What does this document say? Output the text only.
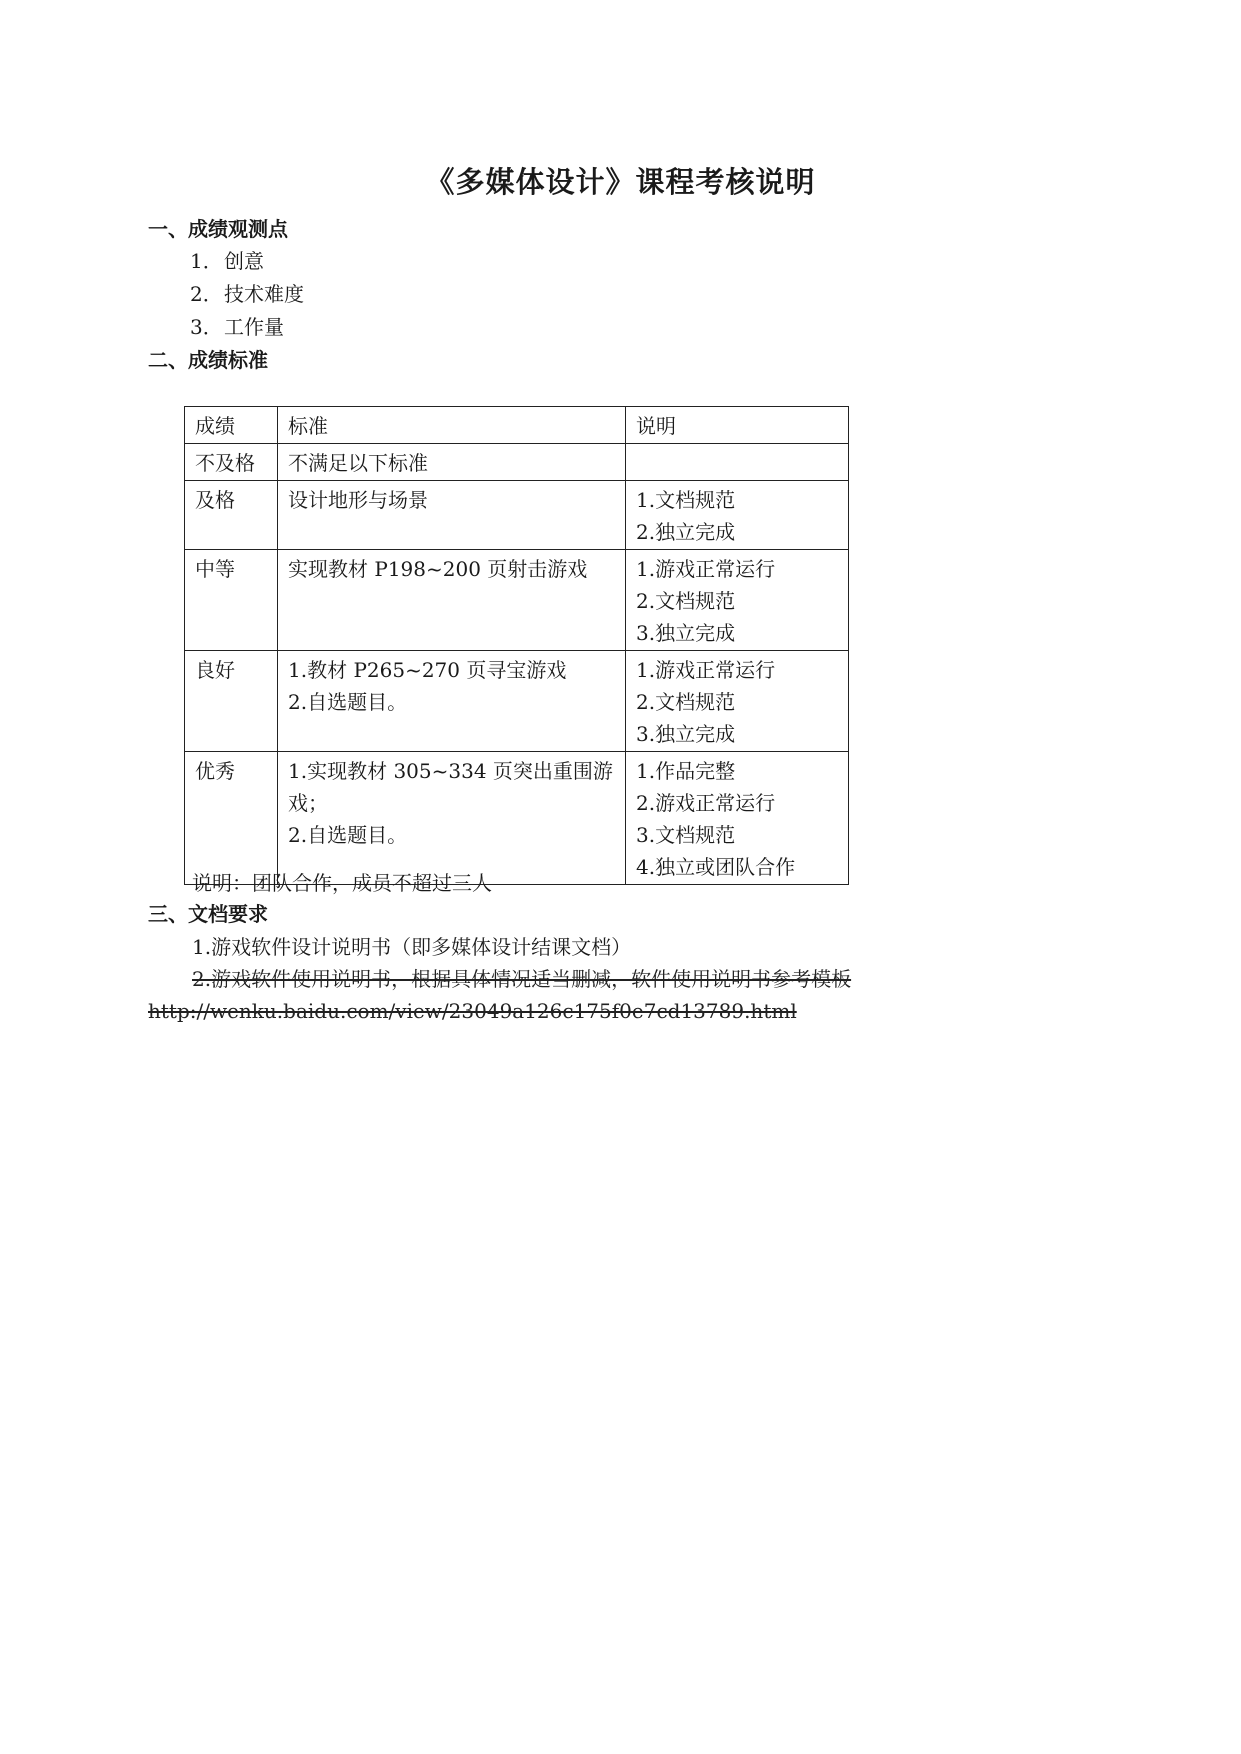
《多媒体设计》课程考核说明
一、成绩观测点
1．创意
2．技术难度
3．工作量
二、成绩标准
成绩	标准	说明
不及格	不满足以下标准	

及格	设计地形与场景	1.文档规范
2.独立完成

中等	实现教材 P198~200 页射击游戏	1.游戏正常运行
2.文档规范
3.独立完成

良好	1.教材 P265~270 页寻宝游戏
2.自选题目。	1.游戏正常运行
2.文档规范
3.独立完成

优秀	1.实现教材 305~334 页突出重围游
戏；
2.自选题目。	1.作品完整
2.游戏正常运行
3.文档规范
4.独立或团队合作
说明：团队合作，成员不超过三人
三、文档要求
1.游戏软件设计说明书（即多媒体设计结课文档）
2.游戏软件使用说明书，根据具体情况适当删减，软件使用说明书参考模板
http://wenku.baidu.com/view/23049a126c175f0e7cd13789.html
